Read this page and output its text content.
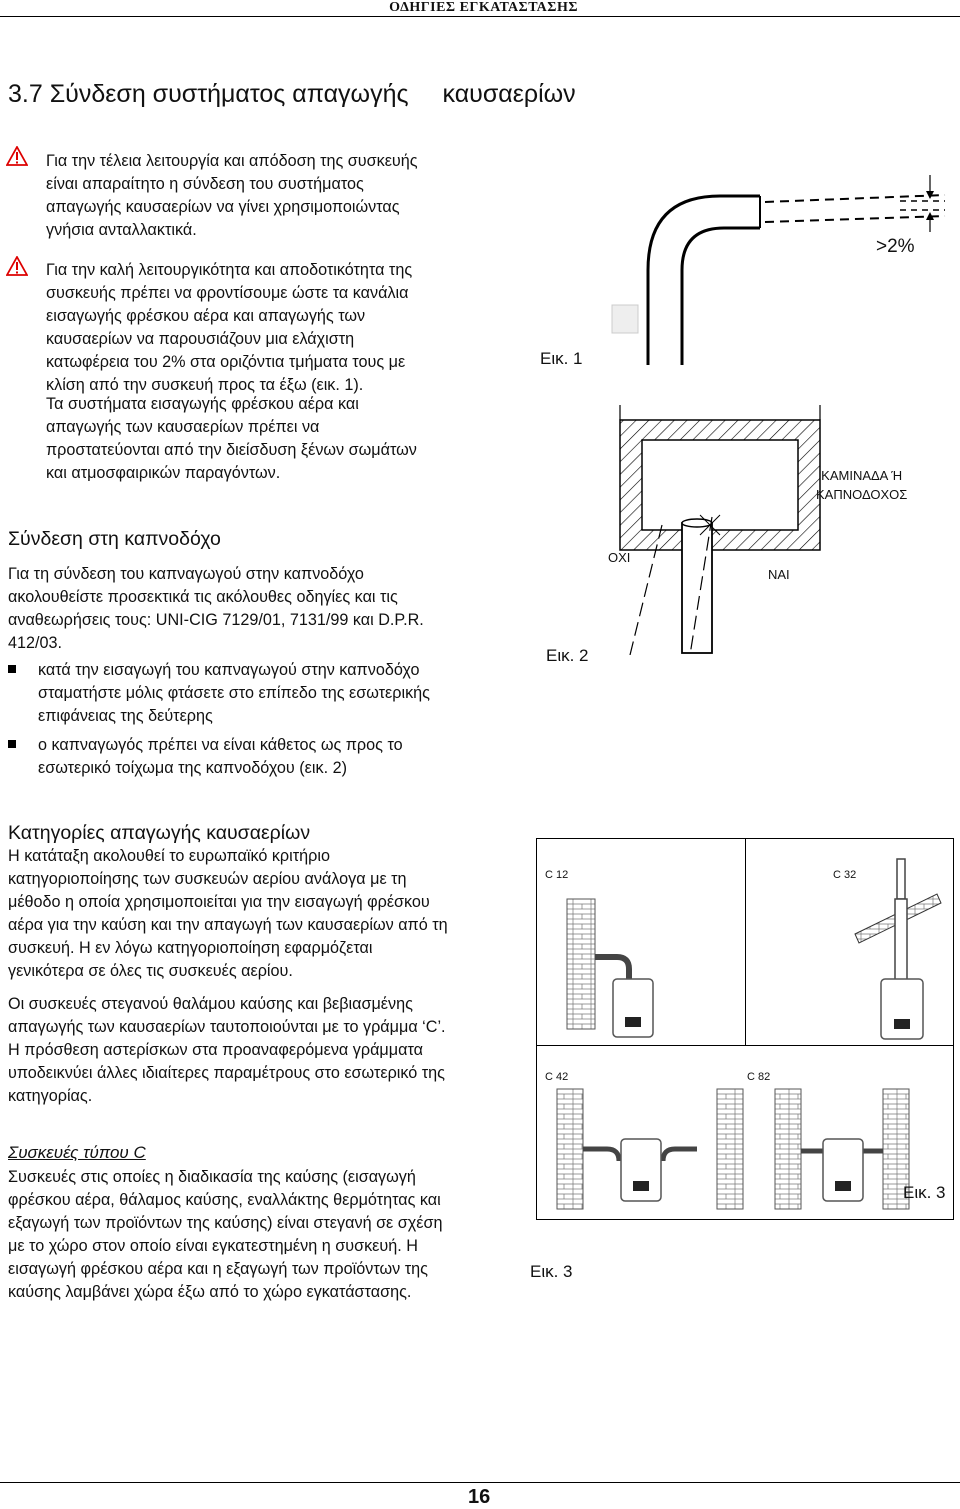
ΟΔΗΓΙΕΣ ΕΓΚΑΤΑΣΤΑΣΗΣ
3.7 Σύνδεση συστήματος απαγωγής καυσαερίων
Για την τέλεια λειτουργία και απόδοση της συσκευής
είναι απαραίτητο η σύνδεση του συστήματος
απαγωγής καυσαερίων να γίνει χρησιμοποιώντας
γνήσια ανταλλακτικά.
Για την καλή λειτουργικότητα και αποδοτικότητα της
συσκευής πρέπει να φροντίσουμε ώστε τα κανάλια
εισαγωγής φρέσκου αέρα και απαγωγής των
καυσαερίων να παρουσιάζουν μια ελάχιστη
κατωφέρεια του 2% στα οριζόντια τμήματα τους με
κλίση από την συσκευή προς τα έξω (εικ. 1).
Τα συστήματα εισαγωγής φρέσκου αέρα και
απαγωγής των καυσαερίων πρέπει να
προστατεύονται από την διείσδυση ξένων σωμάτων
και ατμοσφαιρικών παραγόντων.
>2%
Εικ. 1
ΚΑΜΙΝΑΔΑ Ή
ΚΑΠΝΟΔΟΧΟΣ
ΟΧΙ
ΝΑΙ
Εικ. 2
Σύνδεση στη καπνοδόχο
Για τη σύνδεση του καπναγωγού στην καπνοδόχο
ακολουθείστε προσεκτικά τις ακόλουθες οδηγίες και τις
αναθεωρήσεις τους: UNI-CIG 7129/01, 7131/99 και D.P.R.
412/03.
κατά την εισαγωγή του καπναγωγού στην καπνοδόχο
σταματήστε μόλις φτάσετε στο επίπεδο της εσωτερικής
επιφάνειας της δεύτερης
ο καπναγωγός πρέπει να είναι κάθετος ως προς το
εσωτερικό τοίχωμα της καπνοδόχου (εικ. 2)
Κατηγορίες απαγωγής καυσαερίων
Η κατάταξη ακολουθεί το ευρωπαϊκό κριτήριο
κατηγοριοποίησης των συσκευών αερίου ανάλογα με τη
μέθοδο η οποία χρησιμοποιείται για την εισαγωγή φρέσκου
αέρα για την καύση και την απαγωγή των καυσαερίων από τη
συσκευή. Η εν λόγω κατηγοριοποίηση εφαρμόζεται
γενικότερα σε όλες τις συσκευές αερίου.
Οι συσκευές στεγανού θαλάμου καύσης και βεβιασμένης
απαγωγής των καυσαερίων ταυτοποιούνται με το γράμμα ‘C’.
Η πρόσθεση αστερίσκων στα προαναφερόμενα γράμματα
υποδεικνύει άλλες ιδιαίτερες παραμέτρους στο εσωτερικό της
κατηγορίας.
Συσκευές τύπου C
Συσκευές στις οποίες η διαδικασία της καύσης (εισαγωγή
φρέσκου αέρα, θάλαμος καύσης, εναλλάκτης θερμότητας και
εξαγωγή των προϊόντων της καύσης) είναι στεγανή σε σχέση
με το χώρο στον οποίο είναι εγκατεστημένη η συσκευή. Η
εισαγωγή φρέσκου αέρα και η εξαγωγή των προϊόντων της
καύσης λαμβάνει χώρα έξω από το χώρο εγκατάστασης.
C 12	C 32
C 42	C 82
Εικ. 3
Εικ. 3
16
